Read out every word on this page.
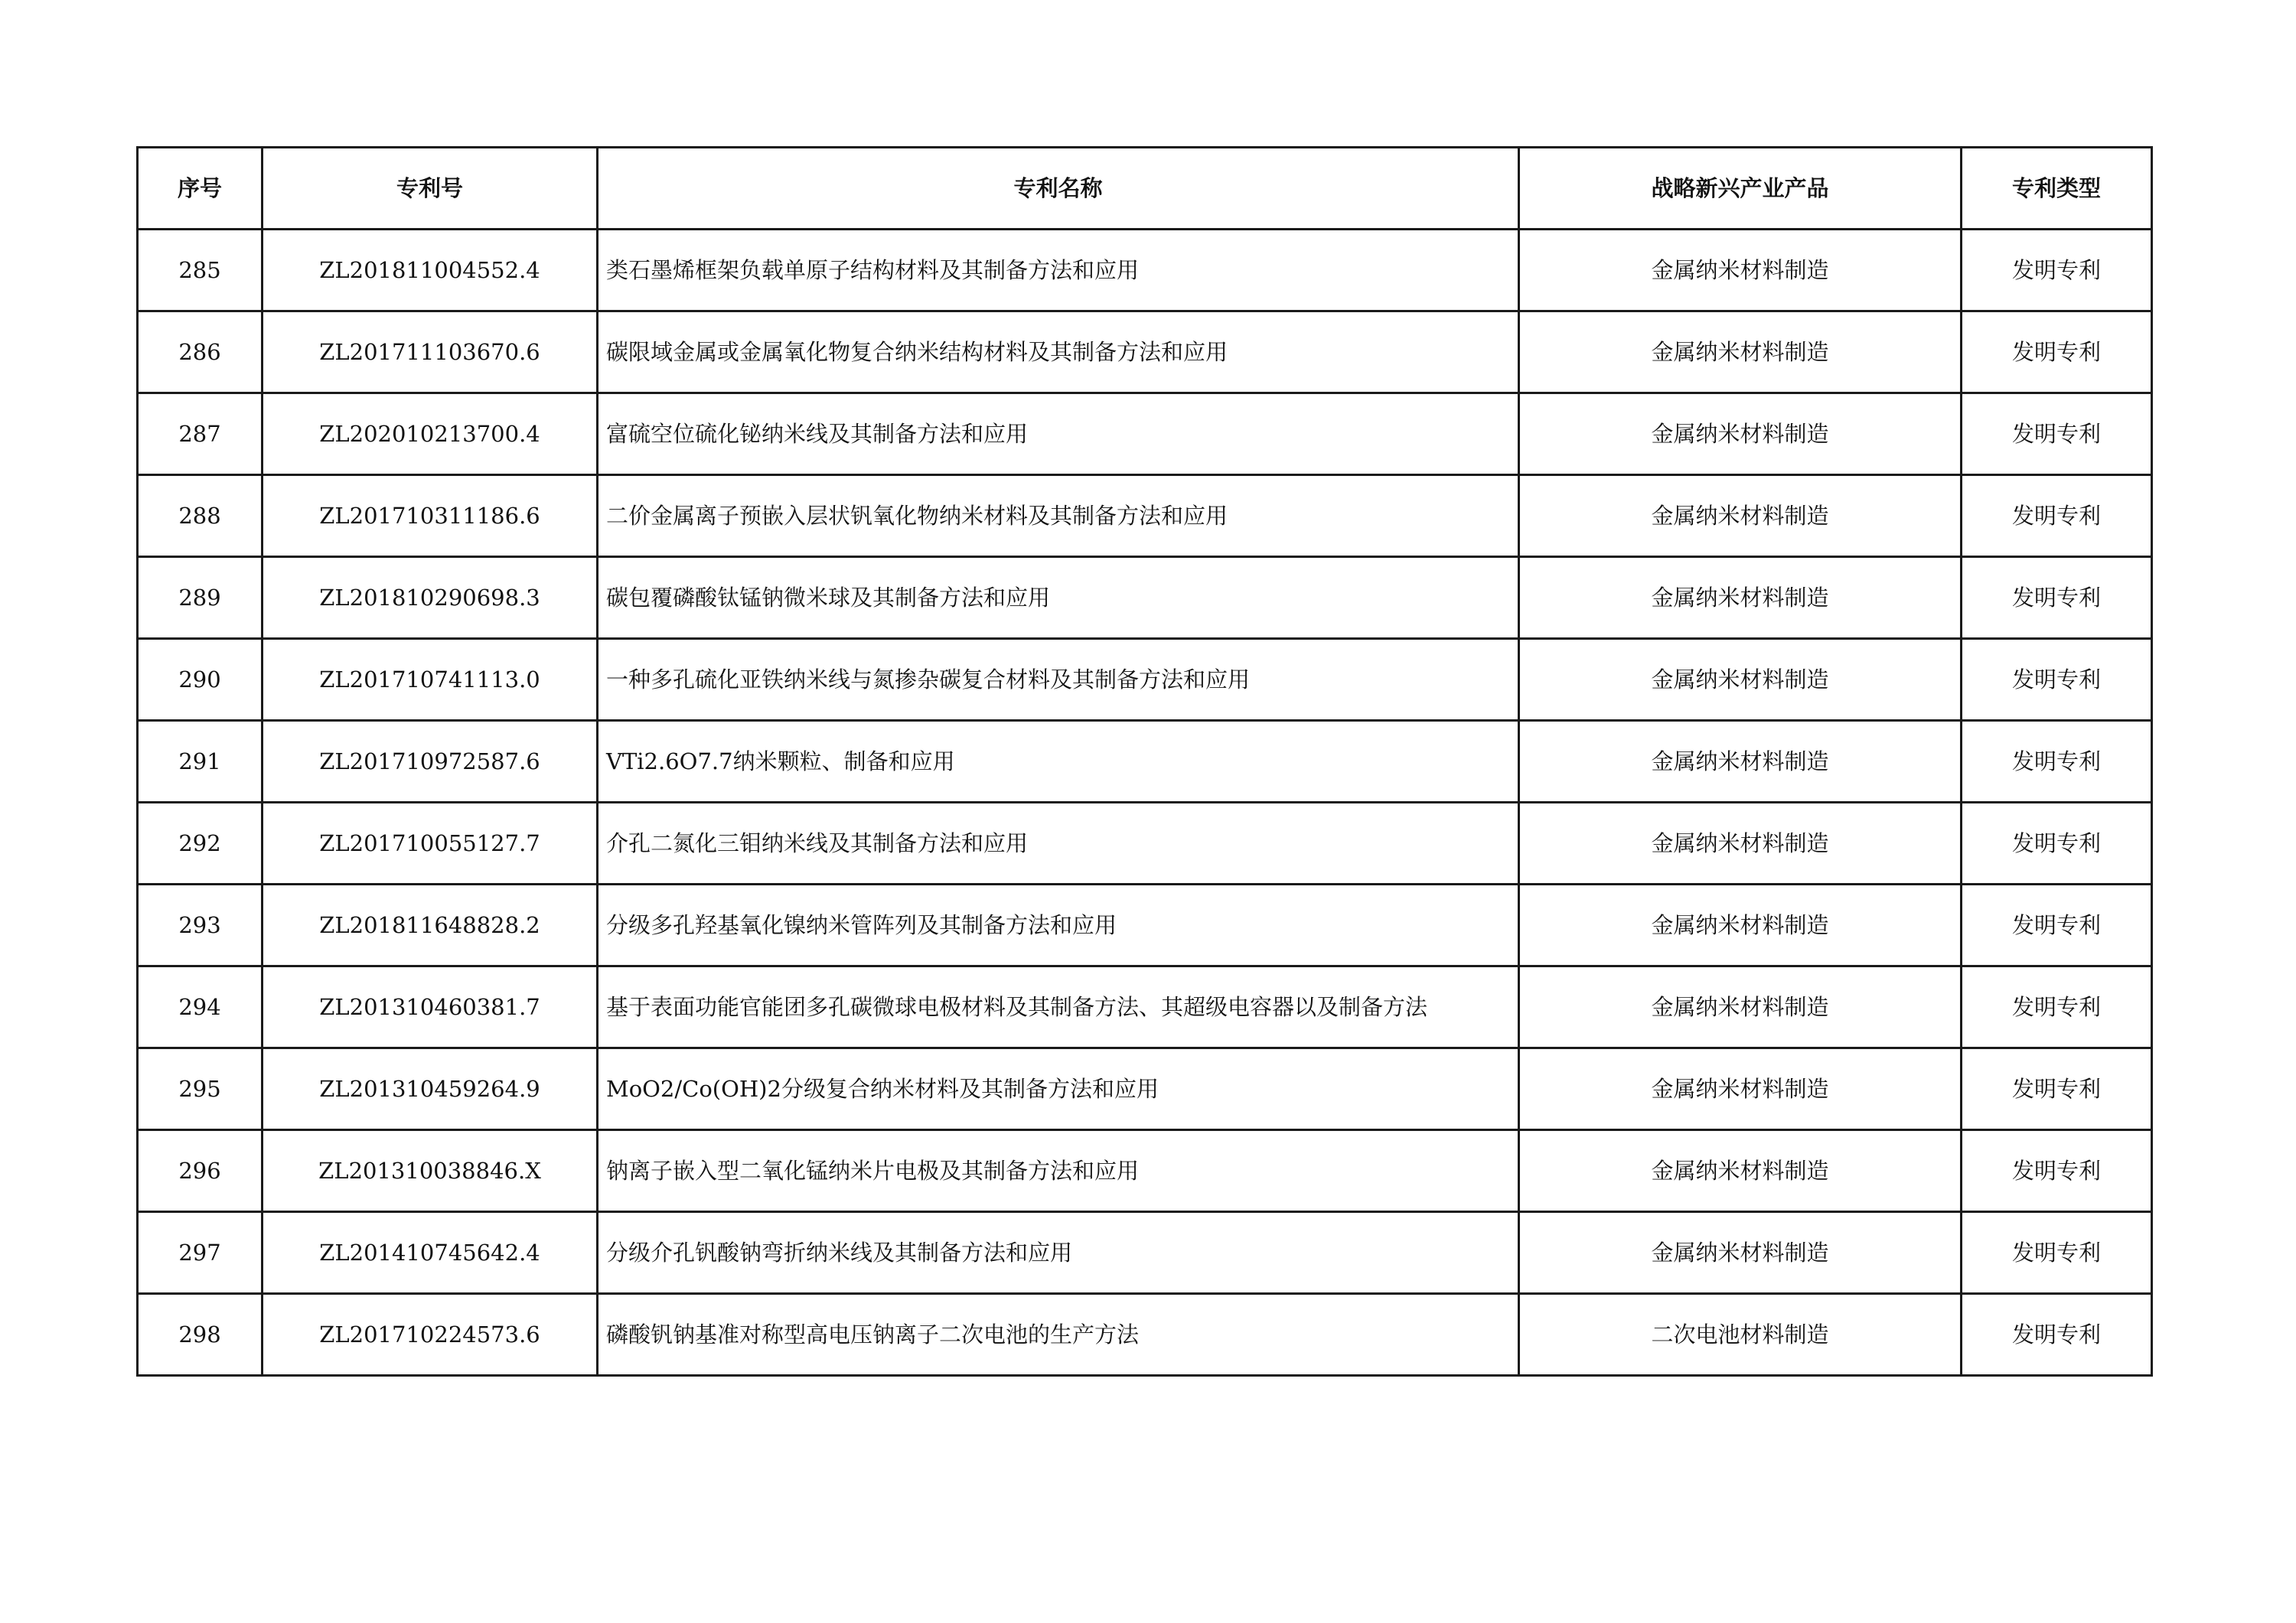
序号	专利号	专利名称	战略新兴产业产品	专利类型
285	ZL201811004552.4	类石墨烯框架负载单原子结构材料及其制备方法和应用	金属纳米材料制造	发明专利
286	ZL201711103670.6	碳限域金属或金属氧化物复合纳米结构材料及其制备方法和应用	金属纳米材料制造	发明专利
287	ZL202010213700.4	富硫空位硫化铋纳米线及其制备方法和应用	金属纳米材料制造	发明专利
288	ZL201710311186.6	二价金属离子预嵌入层状钒氧化物纳米材料及其制备方法和应用	金属纳米材料制造	发明专利
289	ZL201810290698.3	碳包覆磷酸钛锰钠微米球及其制备方法和应用	金属纳米材料制造	发明专利
290	ZL201710741113.0	一种多孔硫化亚铁纳米线与氮掺杂碳复合材料及其制备方法和应用	金属纳米材料制造	发明专利
291	ZL201710972587.6	VTi2.6O7.7纳米颗粒、制备和应用	金属纳米材料制造	发明专利
292	ZL201710055127.7	介孔二氮化三钼纳米线及其制备方法和应用	金属纳米材料制造	发明专利
293	ZL201811648828.2	分级多孔羟基氧化镍纳米管阵列及其制备方法和应用	金属纳米材料制造	发明专利
294	ZL201310460381.7	基于表面功能官能团多孔碳微球电极材料及其制备方法、其超级电容器以及制备方法	金属纳米材料制造	发明专利
295	ZL201310459264.9	MoO2/Co(OH)2分级复合纳米材料及其制备方法和应用	金属纳米材料制造	发明专利
296	ZL201310038846.X	钠离子嵌入型二氧化锰纳米片电极及其制备方法和应用	金属纳米材料制造	发明专利
297	ZL201410745642.4	分级介孔钒酸钠弯折纳米线及其制备方法和应用	金属纳米材料制造	发明专利
298	ZL201710224573.6	磷酸钒钠基准对称型高电压钠离子二次电池的生产方法	二次电池材料制造	发明专利
